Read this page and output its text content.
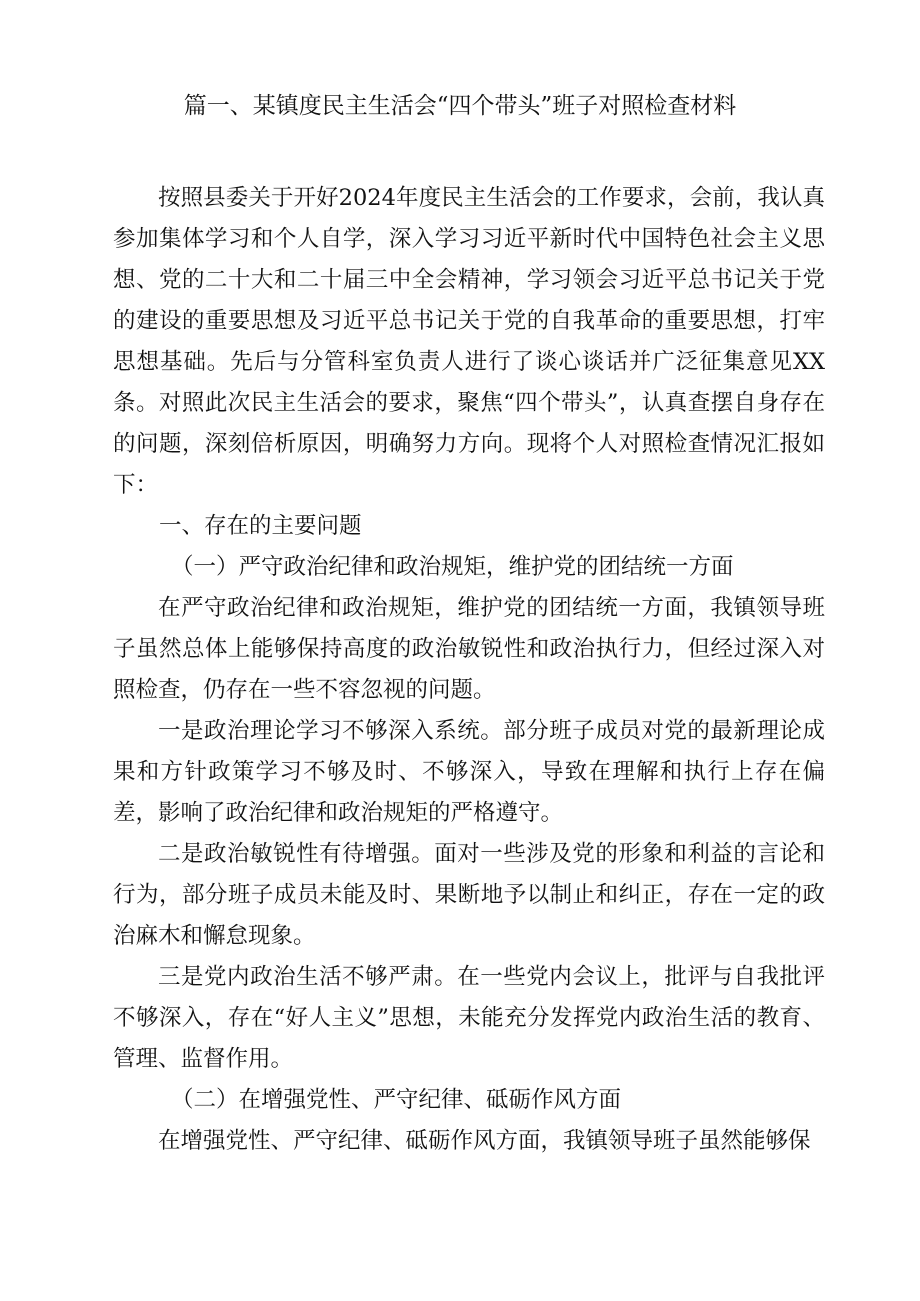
篇一、某镇度民主生活会“四个带头”班子对照检查材料

按照县委关于开好2024年度民主生活会的工作要求，会前，我认真参加集体学习和个人自学，深入学习习近平新时代中国特色社会主义思想、党的二十大和二十届三中全会精神，学习领会习近平总书记关于党的建设的重要思想及习近平总书记关于党的自我革命的重要思想，打牢思想基础。先后与分管科室负责人进行了谈心谈话并广泛征集意见XX条。对照此次民主生活会的要求，聚焦“四个带头”，认真查摆自身存在的问题，深刻倍析原因，明确努力方向。现将个人对照检查情况汇报如下：

一、存在的主要问题

（一）严守政治纪律和政治规矩，维护党的团结统一方面

在严守政治纪律和政治规矩，维护党的团结统一方面，我镇领导班子虽然总体上能够保持高度的政治敏锐性和政治执行力，但经过深入对照检查，仍存在一些不容忽视的问题。

一是政治理论学习不够深入系统。部分班子成员对党的最新理论成果和方针政策学习不够及时、不够深入，导致在理解和执行上存在偏差，影响了政治纪律和政治规矩的严格遵守。

二是政治敏锐性有待增强。面对一些涉及党的形象和利益的言论和行为，部分班子成员未能及时、果断地予以制止和纠正，存在一定的政治麻木和懈怠现象。

三是党内政治生活不够严肃。在一些党内会议上，批评与自我批评不够深入，存在“好人主义”思想，未能充分发挥党内政治生活的教育、管理、监督作用。

（二）在增强党性、严守纪律、砥砺作风方面

在增强党性、严守纪律、砥砺作风方面，我镇领导班子虽然能够保
